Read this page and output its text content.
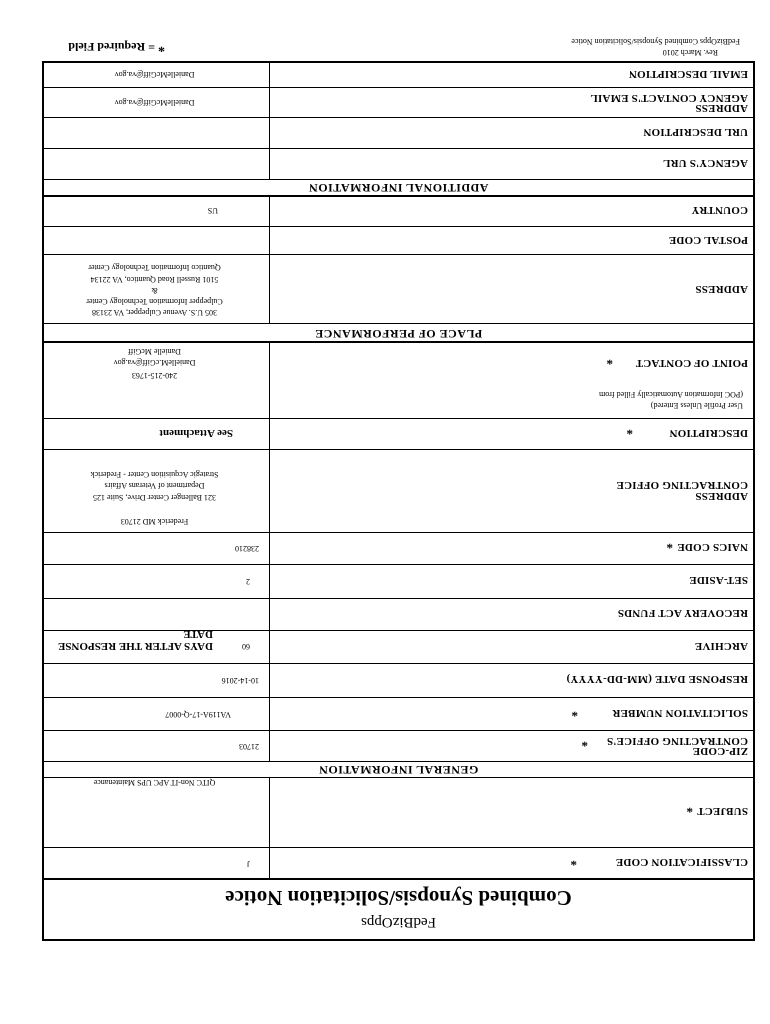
Combined Synopsis/Solicitation Notice
FedBizOpps
CLASSIFICATION CODE
*
J
SUBJECT
*
QITC Non-IT APC UPS Maintenance
GENERAL INFORMATION
ZIP-CODE
CONTRACTING OFFICE'S
*
21703
SOLICITATION NUMBER
*
VA119A-17-Q-0007
RESPONSE DATE (MM-DD-YYYY)
10-14-2016
ARCHIVE
60
DAYS AFTER THE RESPONSE DATE
RECOVERY ACT FUNDS
SET-ASIDE
2
NAICS CODE
*
238210
ADDRESS
CONTRACTING OFFICE
Frederick MD 21703
321 Ballenger Center Drive, Suite 125
Department of Veterans Affairs
Strategic Acquisition Center - Frederick
DESCRIPTION
*
See Attachment
User Profile Unless Entered)
(POC Information Automatically Filled from
POINT OF CONTACT
*
240-215-1763
DanielleM.cGiff@va.gov
Danielle McGiff
PLACE OF PERFORMANCE
ADDRESS
305 U.S. Avenue Culpepper, VA 23138
Culpepper Information Technology Center
&
5101 Russell Road Quantico, VA 22134
Quantico Information Technology Center
POSTAL CODE
COUNTRY
US
ADDITIONAL INFORMATION
AGENCY'S URL
URL DESCRIPTION
ADDRESS
AGENCY CONTACT'S EMAIL
DanielleMcGiff@va.gov
EMAIL DESCRIPTION
DanielleMcGiff@va.gov
Rev. March 2010
FedBizOpps Combined Synopsis/Solicitation Notice
* = Required Field
